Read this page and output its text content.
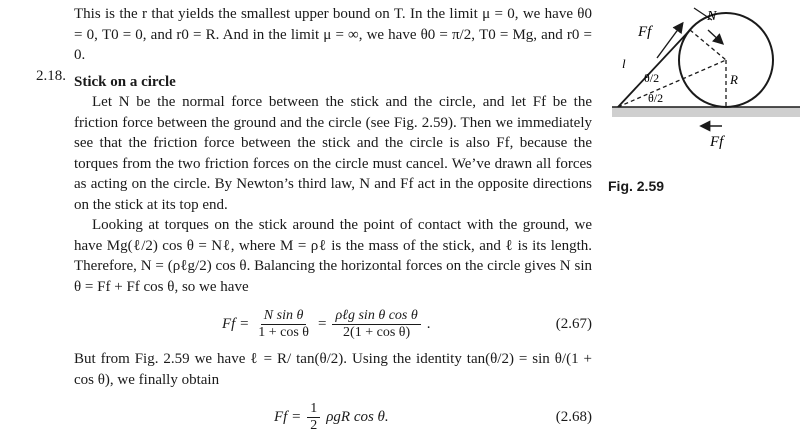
This is the r that yields the smallest upper bound on T. In the limit μ = 0, we have θ0 = 0, T0 = 0, and r0 = R. And in the limit μ = ∞, we have θ0 = π/2, T0 = Mg, and r0 = 0.

Stick on a circle

Let N be the normal force between the stick and the circle, and let Ff be the friction force between the ground and the circle (see Fig. 2.59). Then we immediately see that the friction force between the stick and the circle is also Ff, because the torques from the two friction forces on the circle must cancel. We’ve drawn all forces as acting on the circle. By Newton’s third law, N and Ff act in the opposite directions on the stick at its top end.

Looking at torques on the stick around the point of contact with the ground, we have Mg(ℓ/2) cos θ = Nℓ, where M = ρℓ is the mass of the stick, and ℓ is its length. Therefore, N = (ρℓg/2) cos θ. Balancing the horizontal forces on the circle gives N sin θ = Ff + Ff cos θ, so we have

$Ff = \frac{\text{N sin θ}}{\text{1 + cos θ}} = \frac{\text{ρℓg sin θ cos θ}}{\text{2(1 + cos θ)}}$ .	(2.67)

But from Fig. 2.59 we have ℓ = R/ tan(θ/2). Using the identity tan(θ/2) = sin θ/(1 + cos θ), we finally obtain

$Ff = \frac{1}{2}$ ρgR cos θ.	(2.68)
2.18.
Ff
N
l
θ/2
θ/2
R
Ff
Fig. 2.59
